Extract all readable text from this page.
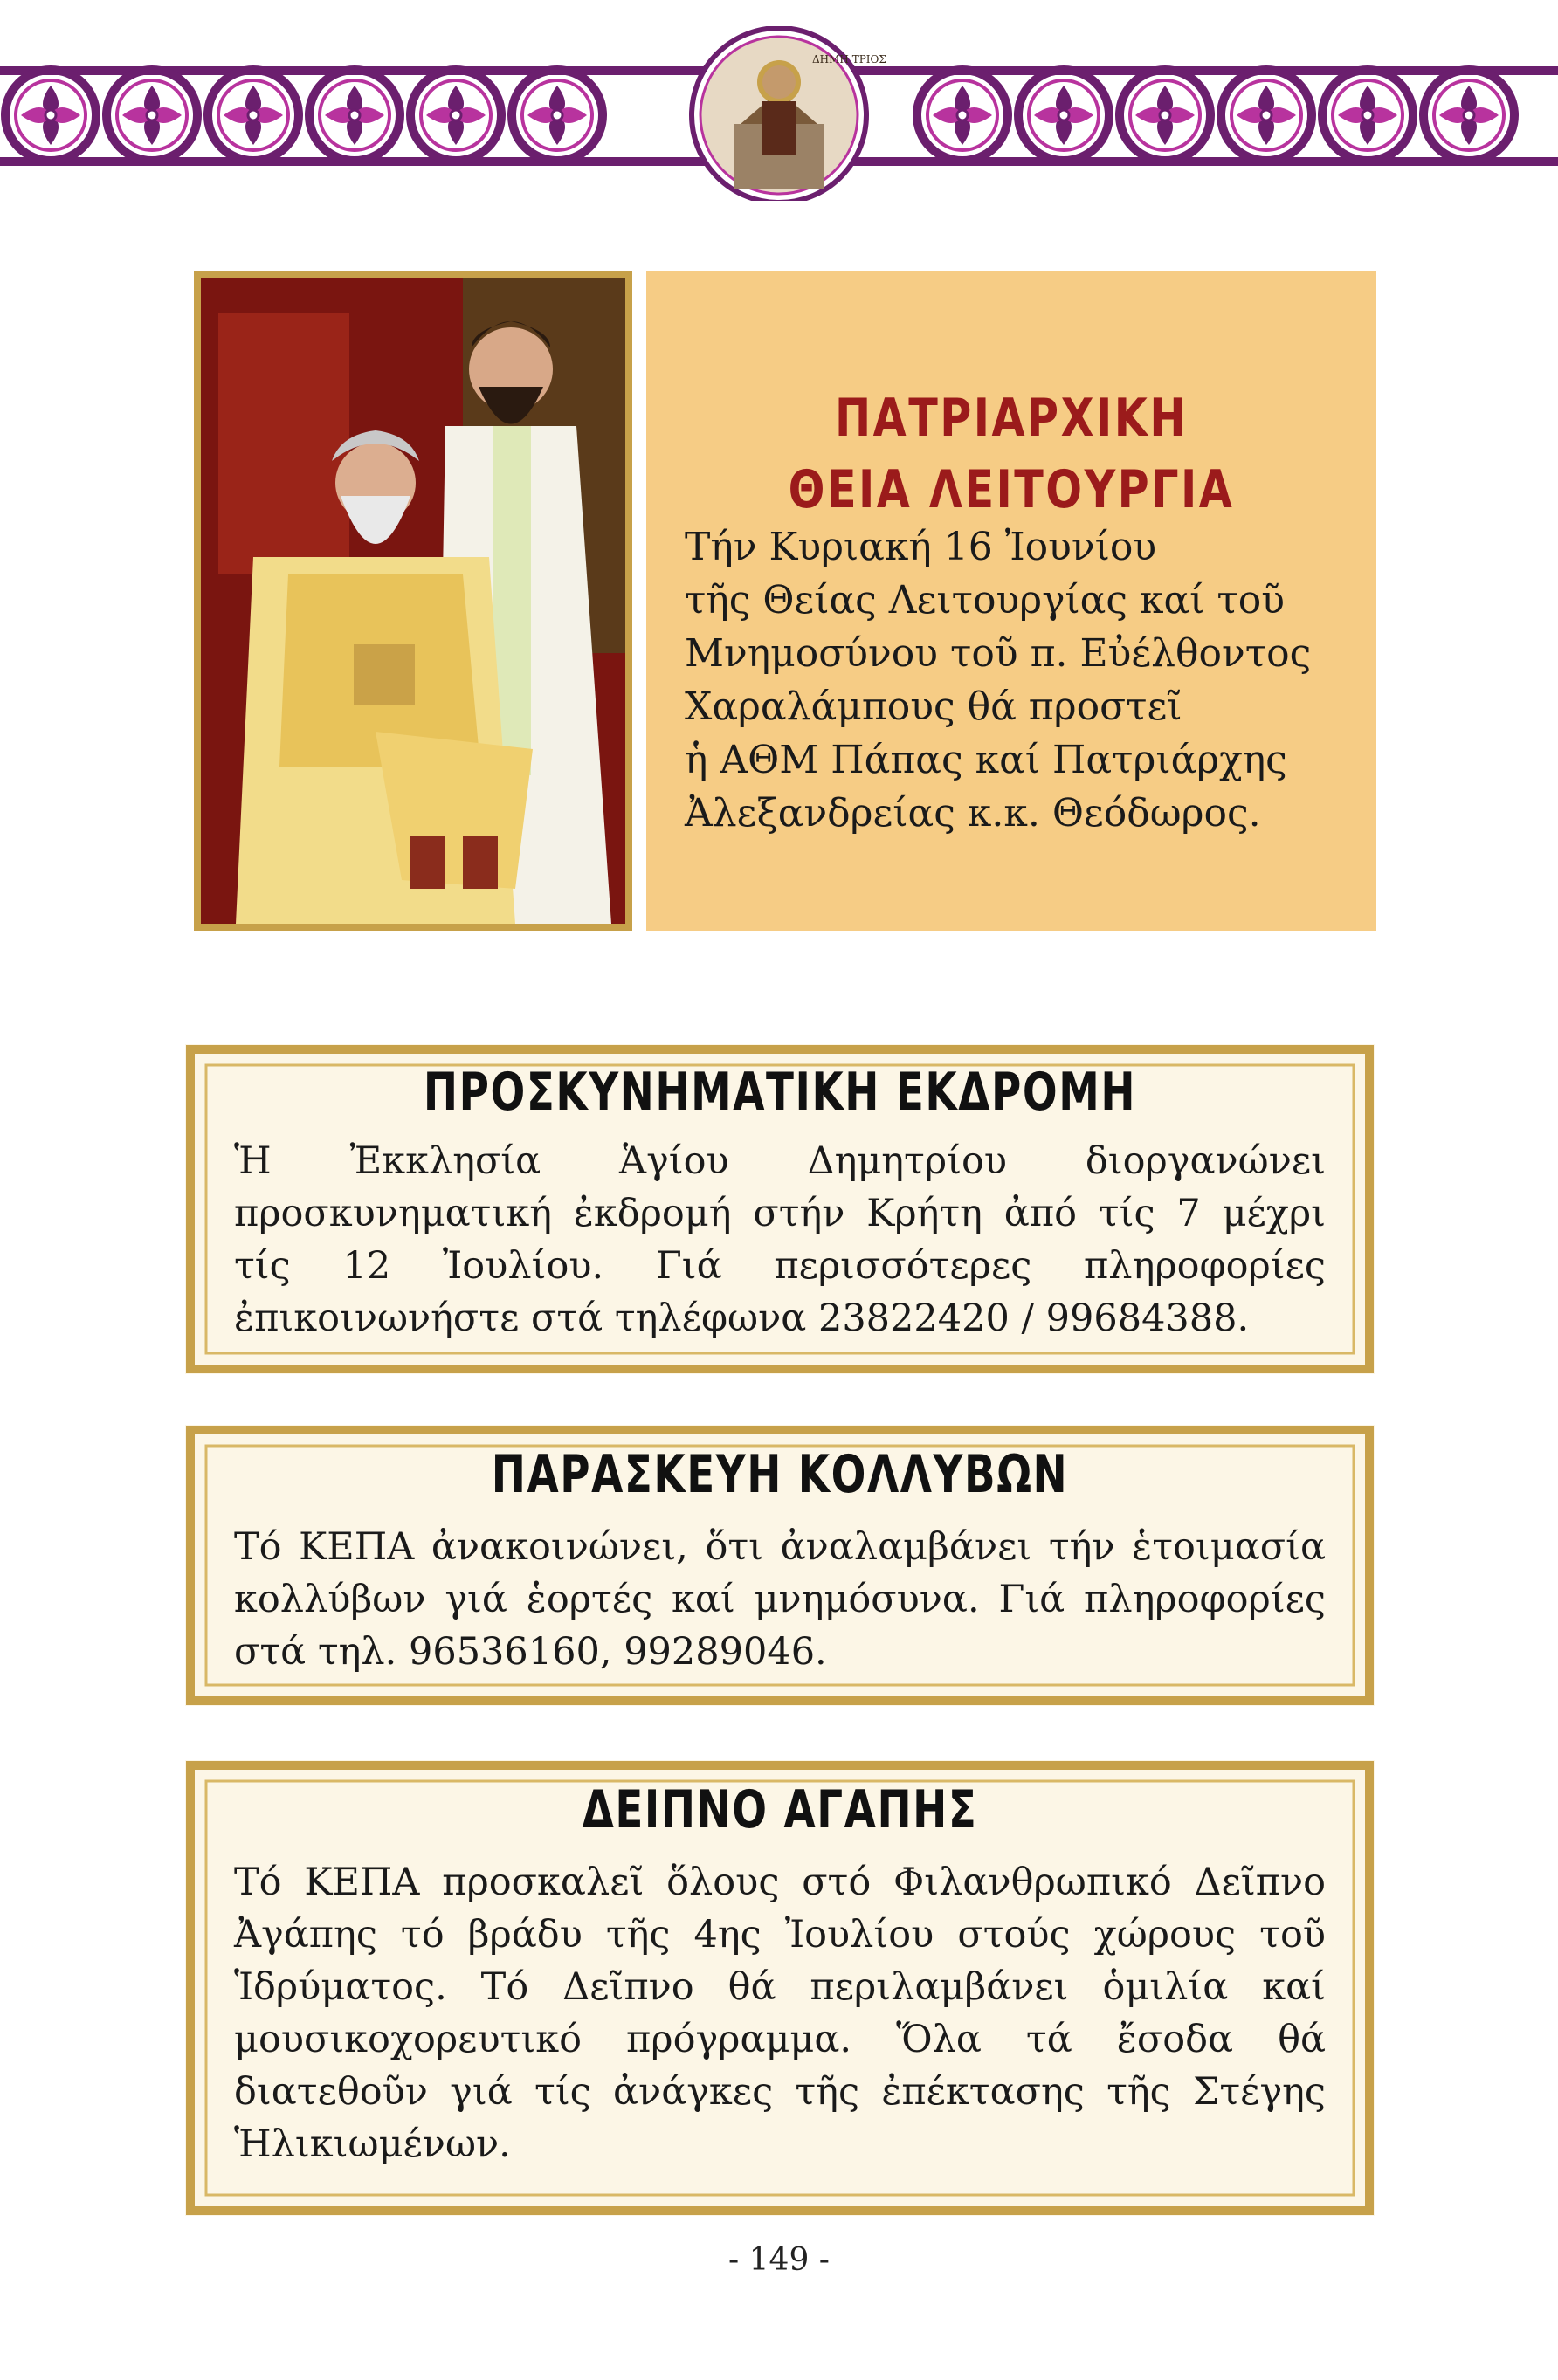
ΔΗΜΗ ΤΡΙΟΣ
ΠΑΤΡΙΑΡΧΙΚΗ
ΘΕΙΑ ΛΕΙΤΟΥΡΓΙΑ
Τήν Κυριακή 16 Ἰουνίου
τῆς Θείας Λειτουργίας καί τοῦ
Μνημοσύνου τοῦ π. Εὐέλθοντος
Χαραλάμπους θά προστεῖ
ἡ ΑΘΜ Πάπας καί Πατριάρχης
Ἀλεξανδρείας κ.κ. Θεόδωρος.
ΠΡΟΣΚΥΝΗΜΑΤΙΚΗ ΕΚΔΡΟΜΗ
Ἡ Ἐκκλησία Ἁγίου Δημητρίου διοργανώνει
προσκυνηματική ἐκδρομή στήν Κρήτη ἀπό τίς 7 μέχρι
τίς 12 Ἰουλίου. Γιά περισσότερες πληροφορίες
ἐπικοινωνήστε στά τηλέφωνα 23822420 / 99684388.
ΠΑΡΑΣΚΕΥΗ ΚΟΛΛΥΒΩΝ
Τό ΚΕΠΑ ἀνακοινώνει, ὅτι ἀναλαμβάνει τήν ἑτοιμασία
κολλύβων γιά ἑορτές καί μνημόσυνα. Γιά πληροφορίες
στά τηλ. 96536160, 99289046.
ΔΕΙΠΝΟ ΑΓΑΠΗΣ
Τό ΚΕΠΑ προσκαλεῖ ὅλους στό Φιλανθρωπικό Δεῖπνο
Ἀγάπης τό βράδυ τῆς 4ης Ἰουλίου στούς χώρους τοῦ
Ἱδρύματος. Τό Δεῖπνο θά περιλαμβάνει ὁμιλία καί
μουσικοχορευτικό πρόγραμμα. Ὅλα τά ἔσοδα θά
διατεθοῦν γιά τίς ἀνάγκες τῆς ἐπέκτασης τῆς Στέγης
Ἡλικιωμένων.
- 149 -
